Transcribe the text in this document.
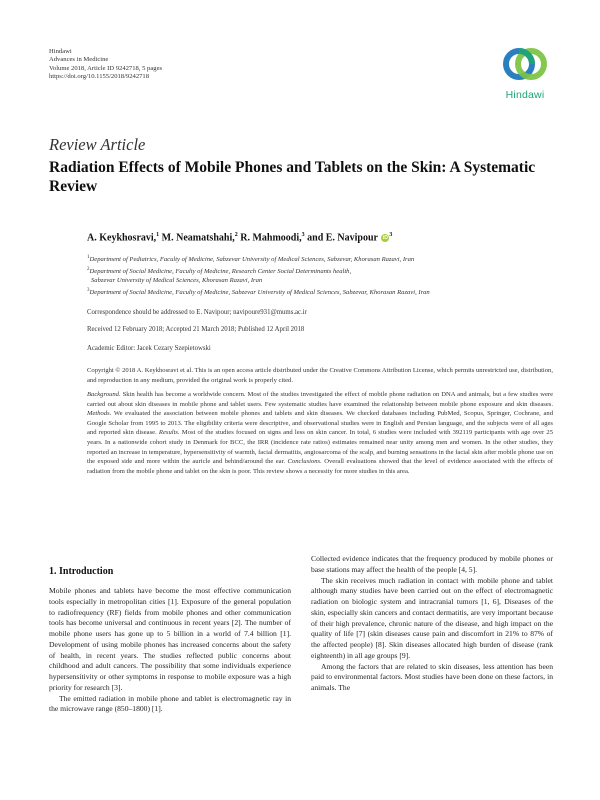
Hindawi
Advances in Medicine
Volume 2018, Article ID 9242718, 5 pages
https://doi.org/10.1155/2018/9242718
Hindawi
Review Article
Radiation Effects of Mobile Phones and Tablets on the Skin: A Systematic Review
A. Keykhosravi,$^1$ M. Neamatshahi,$^2$ R. Mahmoodi,$^3$ and E. Navipour $iD^3$
$^1$Department of Pediatrics, Faculty of Medicine, Sabzevar University of Medical Sciences, Sabzevar, Khorasan Razavi, Iran
$^2$Department of Social Medicine, Faculty of Medicine, Research Center Social Determinants health,
Sabzevar University of Medical Sciences, Khorasan Razavi, Iran
$^3$Department of Social Medicine, Faculty of Medicine, Sabzevar University of Medical Sciences, Sabzevar, Khorasan Razavi, Iran
Correspondence should be addressed to E. Navipour; navipoure931@mums.ac.ir
Received 12 February 2018; Accepted 21 March 2018; Published 12 April 2018
Academic Editor: Jacek Cezary Szepietowski
Copyright © 2018 A. Keykhosravi et al. This is an open access article distributed under the Creative Commons Attribution License, which permits unrestricted use, distribution, and reproduction in any medium, provided the original work is properly cited.
Background. Skin health has become a worldwide concern. Most of the studies investigated the effect of mobile phone radiation on DNA and animals, but a few studies were carried out about skin diseases in mobile phone and tablet users. Few systematic studies have examined the relationship between mobile phone exposure and skin diseases. Methods. We evaluated the association between mobile phones and tablets and skin diseases. We checked databases including PubMed, Scopus, Springer, Cochrane, and Google Scholar from 1995 to 2013. The eligibility criteria were descriptive, and observational studies were in English and Persian language, and the subjects were of all ages and reported skin disease. Results. Most of the studies focused on signs and less on skin cancer. In total, 6 studies were included with 392119 participants with age over 25 years. In a nationwide cohort study in Denmark for BCC, the IRR (incidence rate ratios) estimates remained near unity among men and women. In the other studies, they reported an increase in temperature, hypersensitivity of warmth, facial dermatitis, angiosarcoma of the scalp, and burning sensations in the facial skin after mobile phone use on the exposed side and more within the auricle and behind/around the ear. Conclusions. Overall evaluations showed that the level of evidence associated with the effects of radiation from the mobile phone and tablet on the skin is poor. This review shows a necessity for more studies in this area.
1. Introduction

Mobile phones and tablets have become the most effective communication tools especially in metropolitan cities [1]. Exposure of the general population to radiofrequency (RF) fields from mobile phones and other communication tools has become universal and continuous in recent years [2]. The number of mobile phone users has gone up to 5 billion in a world of 7.4 billion [1]. Development of using mobile phones has increased concerns about the safety of health, in recent years. The studies reflected public concerns about childhood and adult cancers. The possibility that some individuals experience hypersensitivity or other symptoms in response to mobile exposure was a high priority for research [3].

The emitted radiation in mobile phone and tablet is electromagnetic ray in the microwave range (850–1800) [1].

Collected evidence indicates that the frequency produced by mobile phones or base stations may affect the health of the people [4, 5].

The skin receives much radiation in contact with mobile phone and tablet although many studies have been carried out on the effect of electromagnetic radiation on biologic system and intracranial tumors [1, 6], Diseases of the skin, especially skin cancers and contact dermatitis, are very important because of their high prevalence, chronic nature of the disease, and high impact on the quality of life [7] (skin diseases cause pain and discomfort in 21% to 87% of the affected people) [8]. Skin diseases allocated high burden of disease (rank eighteenth) in all age groups [9].

Among the factors that are related to skin diseases, less attention has been paid to environmental factors. Most studies have been done on these factors, in animals. The
